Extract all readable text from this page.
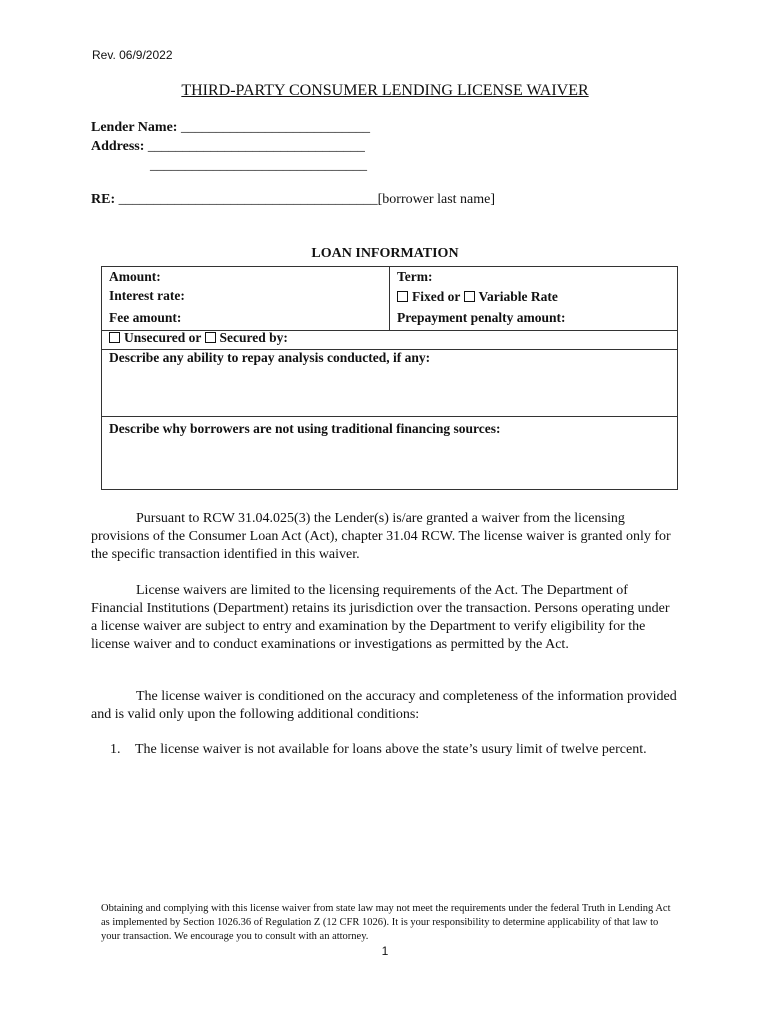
Rev. 06/9/2022
THIRD-PARTY CONSUMER LENDING LICENSE WAIVER
Lender Name: ___________________________
Address: _______________________________
_______________________________
RE: _____________________________________[borrower last name]
LOAN INFORMATION
Amount:
Interest rate:
Fee amount:
Term:
Fixed or Variable Rate
Prepayment penalty amount:
Unsecured or Secured by:
Describe any ability to repay analysis conducted, if any:
Describe why borrowers are not using traditional financing sources:

Pursuant to RCW 31.04.025(3) the Lender(s) is/are granted a waiver from the licensing provisions of the Consumer Loan Act (Act), chapter 31.04 RCW. The license waiver is granted only for the specific transaction identified in this waiver.

License waivers are limited to the licensing requirements of the Act. The Department of Financial Institutions (Department) retains its jurisdiction over the transaction. Persons operating under a license waiver are subject to entry and examination by the Department to verify eligibility for the license waiver and to conduct examinations or investigations as permitted by the Act.

The license waiver is conditioned on the accuracy and completeness of the information provided and is valid only upon the following additional conditions:

1. The license waiver is not available for loans above the state’s usury limit of twelve percent.
Obtaining and complying with this license waiver from state law may not meet the requirements under the federal Truth in Lending Act as implemented by Section 1026.36 of Regulation Z (12 CFR 1026). It is your responsibility to determine applicability of that law to your transaction. We encourage you to consult with an attorney.
1
